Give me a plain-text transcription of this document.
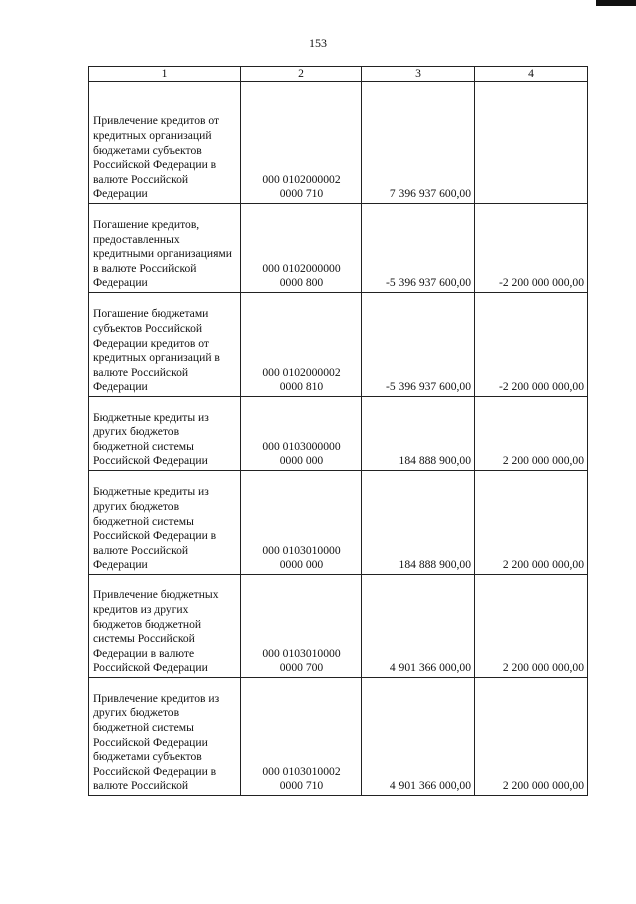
153
1	2	3	4

Привлечение кредитов от кредитных организаций бюджетами субъектов Российской Федерации в валюте Российской Федерации	000 0102000002
0000 710	7 396 937 600,00	

Погашение кредитов, предоставленных кредитными организациями в валюте Российской Федерации	000 0102000000
0000 800	-5 396 937 600,00	-2 200 000 000,00

Погашение бюджетами субъектов Российской Федерации кредитов от кредитных организаций в валюте Российской Федерации	000 0102000002
0000 810	-5 396 937 600,00	-2 200 000 000,00

Бюджетные кредиты из других бюджетов бюджетной системы Российской Федерации	000 0103000000
0000 000	184 888 900,00	2 200 000 000,00

Бюджетные кредиты из других бюджетов бюджетной системы Российской Федерации в валюте Российской Федерации	000 0103010000
0000 000	184 888 900,00	2 200 000 000,00

Привлечение бюджетных кредитов из других бюджетов бюджетной системы Российской Федерации в валюте Российской Федерации	000 0103010000
0000 700	4 901 366 000,00	2 200 000 000,00

Привлечение кредитов из других бюджетов бюджетной системы Российской Федерации бюджетами субъектов Российской Федерации в валюте Российской	000 0103010002
0000 710	4 901 366 000,00	2 200 000 000,00
